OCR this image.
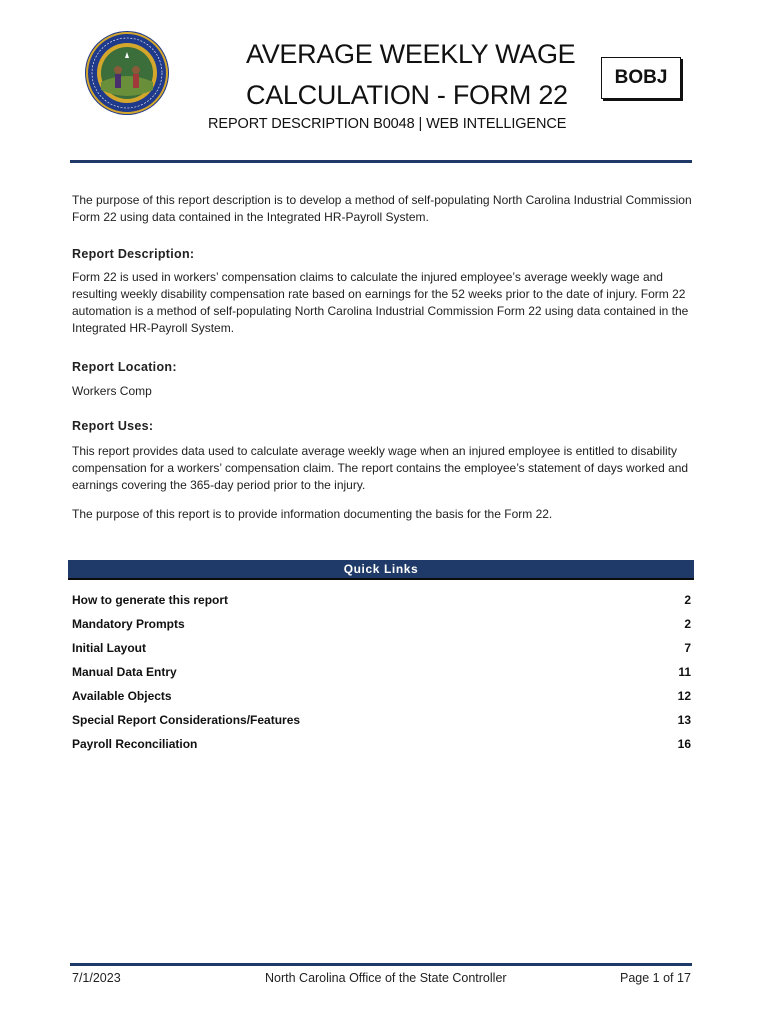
AVERAGE WEEKLY WAGE
CALCULATION - FORM 22
BOBJ
REPORT DESCRIPTION B0048 | WEB INTELLIGENCE
The purpose of this report description is to develop a method of self-populating North Carolina Industrial Commission Form 22 using data contained in the Integrated HR-Payroll System.
Report Description:
Form 22 is used in workers’ compensation claims to calculate the injured employee’s average weekly wage and resulting weekly disability compensation rate based on earnings for the 52 weeks prior to the date of injury. Form 22 automation is a method of self-populating North Carolina Industrial Commission Form 22 using data contained in the Integrated HR-Payroll System.
Report Location:
Workers Comp
Report Uses:
This report provides data used to calculate average weekly wage when an injured employee is entitled to disability compensation for a workers’ compensation claim. The report contains the employee’s statement of days worked and earnings covering the 365-day period prior to the injury.
The purpose of this report is to provide information documenting the basis for the Form 22.
Quick Links
How to generate this report	2
Mandatory Prompts	2
Initial Layout	7
Manual Data Entry	11
Available Objects	12
Special Report Considerations/Features	13
Payroll Reconciliation	16
7/1/2023	North Carolina Office of the State Controller	Page 1 of 17
